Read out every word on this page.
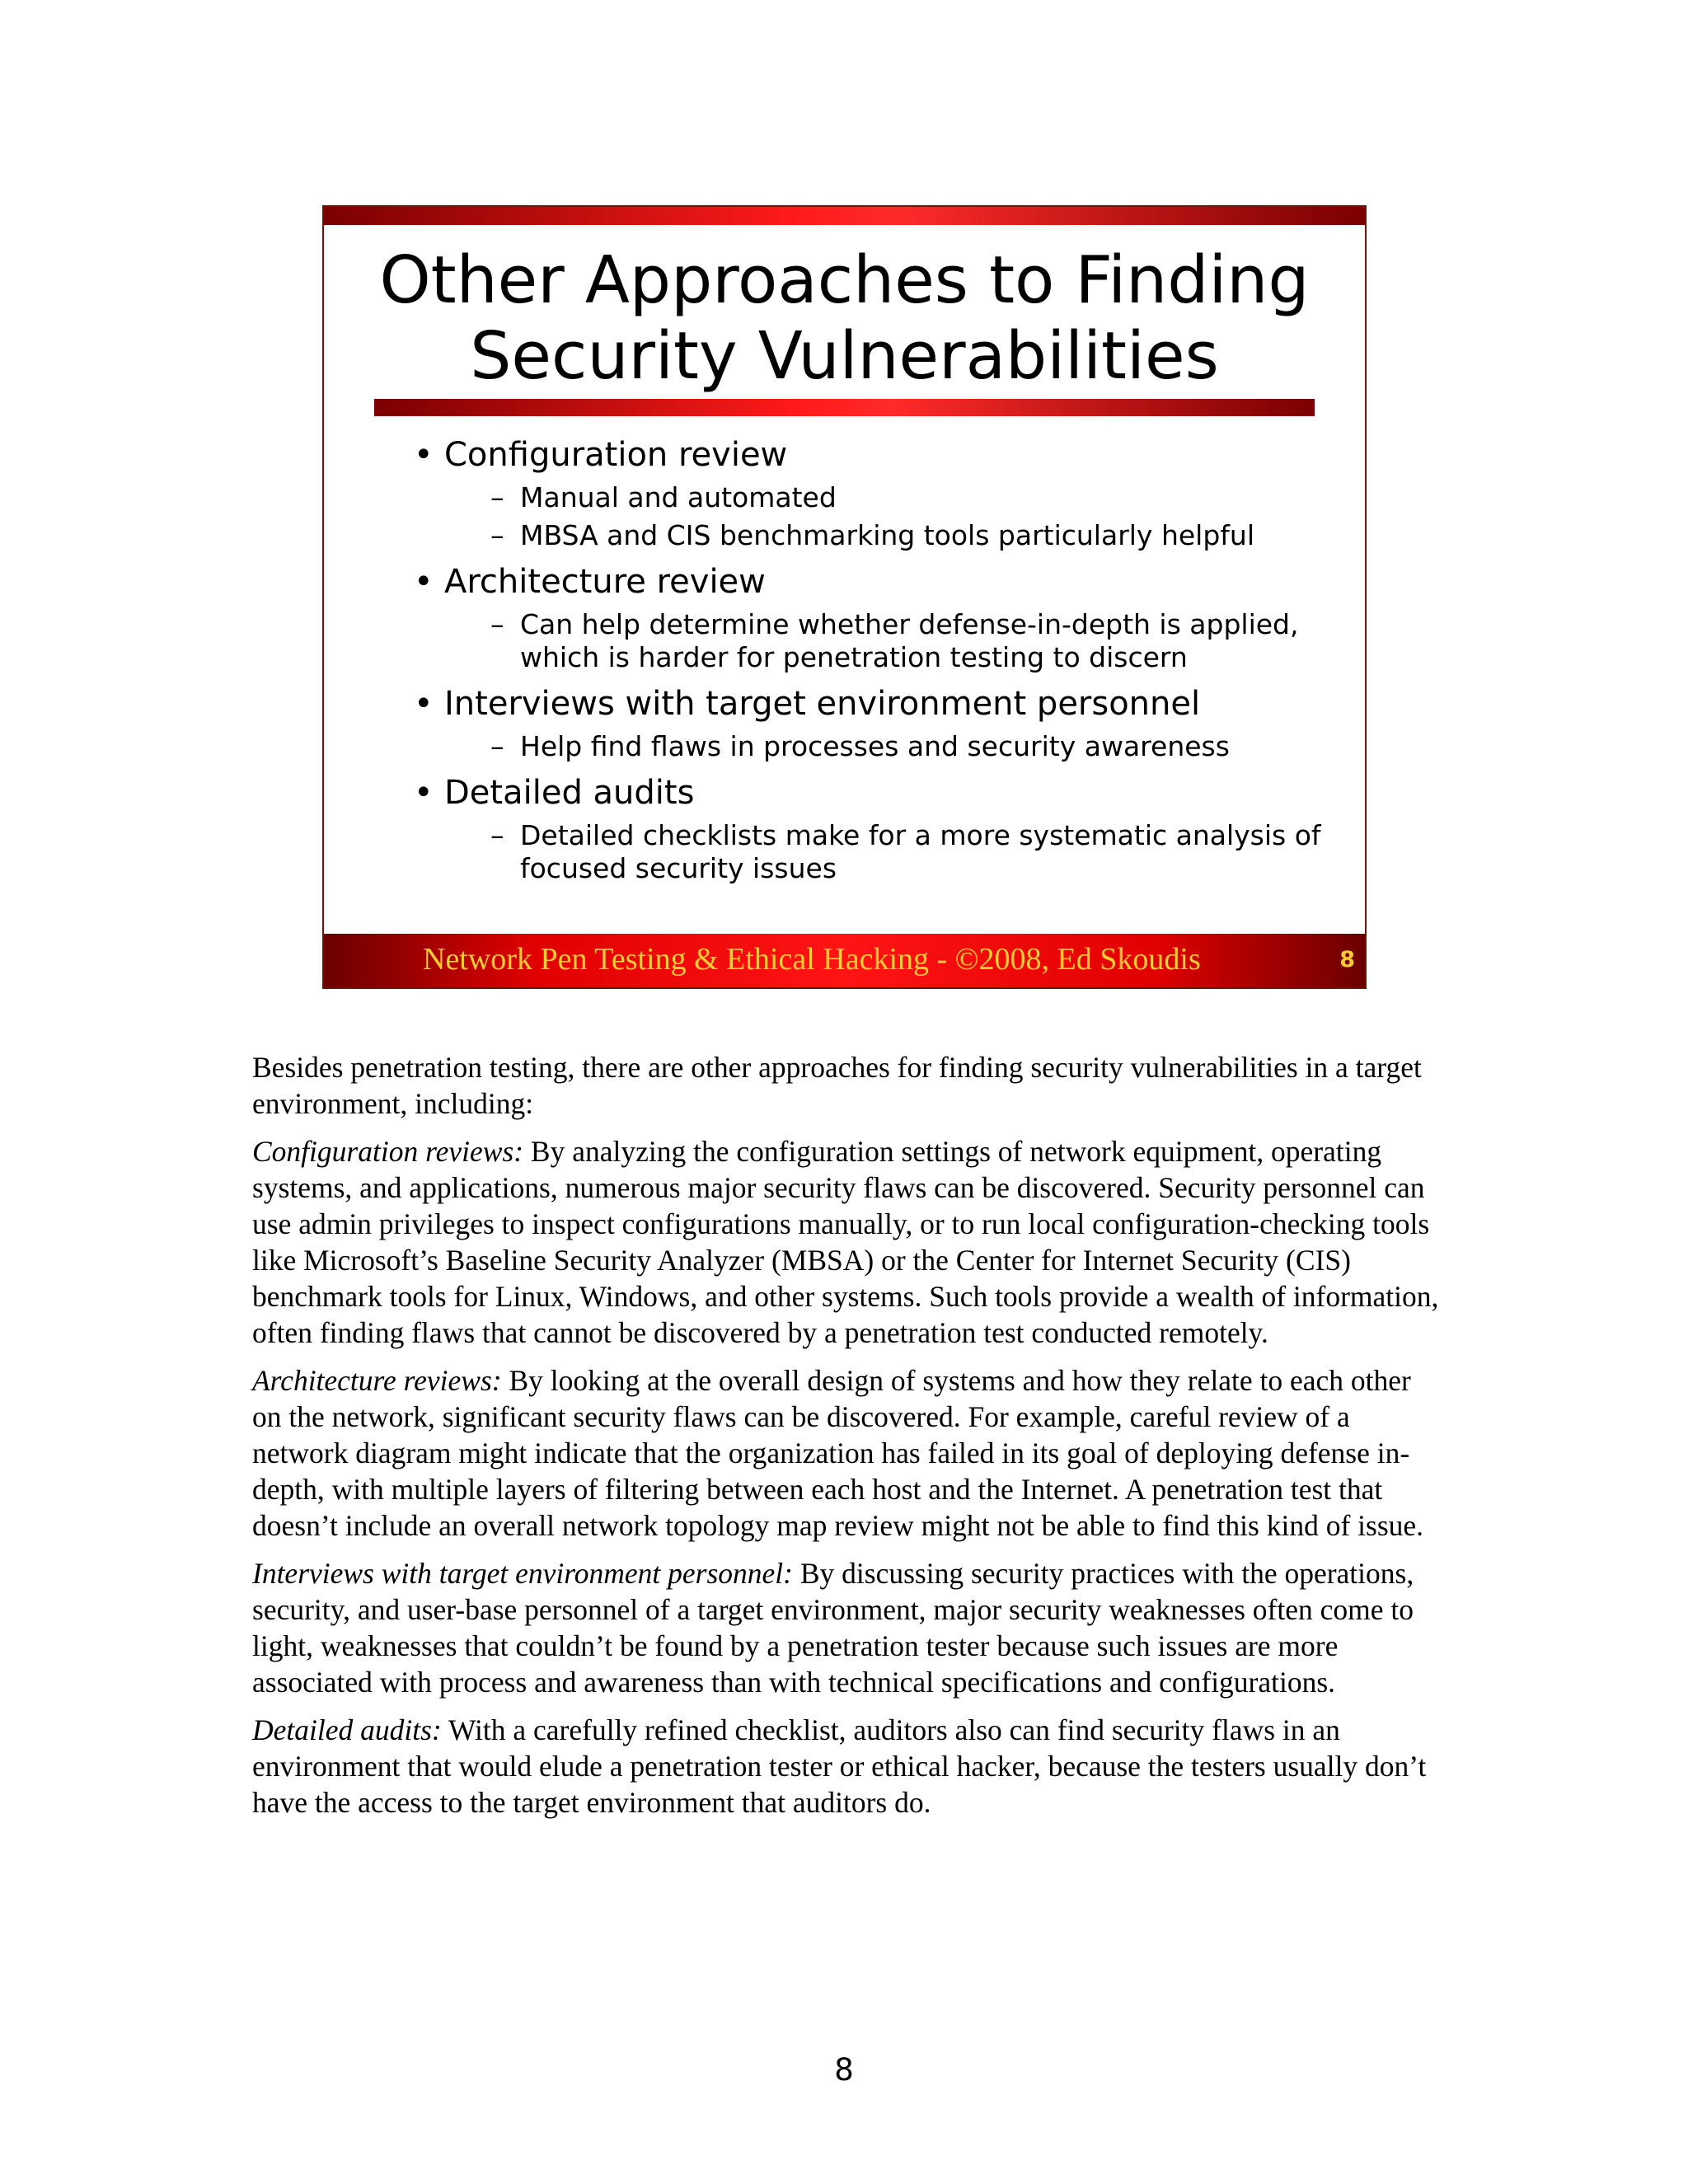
Other Approaches to Finding
Security Vulnerabilities
• Configuration review
– Manual and automated
– MBSA and CIS benchmarking tools particularly helpful
• Architecture review
– Can help determine whether defense-in-depth is applied, which is harder for penetration testing to discern
• Interviews with target environment personnel
– Help find flaws in processes and security awareness
• Detailed audits
– Detailed checklists make for a more systematic analysis of focused security issues
Network Pen Testing & Ethical Hacking - ©2008, Ed Skoudis	8

Besides penetration testing, there are other approaches for finding security vulnerabilities in a target environment, including:

Configuration reviews: By analyzing the configuration settings of network equipment, operating systems, and applications, numerous major security flaws can be discovered. Security personnel can use admin privileges to inspect configurations manually, or to run local configuration-checking tools like Microsoft’s Baseline Security Analyzer (MBSA) or the Center for Internet Security (CIS) benchmark tools for Linux, Windows, and other systems. Such tools provide a wealth of information, often finding flaws that cannot be discovered by a penetration test conducted remotely.

Architecture reviews: By looking at the overall design of systems and how they relate to each other on the network, significant security flaws can be discovered. For example, careful review of a network diagram might indicate that the organization has failed in its goal of deploying defense in-depth, with multiple layers of filtering between each host and the Internet. A penetration test that doesn’t include an overall network topology map review might not be able to find this kind of issue.

Interviews with target environment personnel: By discussing security practices with the operations, security, and user-base personnel of a target environment, major security weaknesses often come to light, weaknesses that couldn’t be found by a penetration tester because such issues are more associated with process and awareness than with technical specifications and configurations.

Detailed audits: With a carefully refined checklist, auditors also can find security flaws in an environment that would elude a penetration tester or ethical hacker, because the testers usually don’t have the access to the target environment that auditors do.

8
